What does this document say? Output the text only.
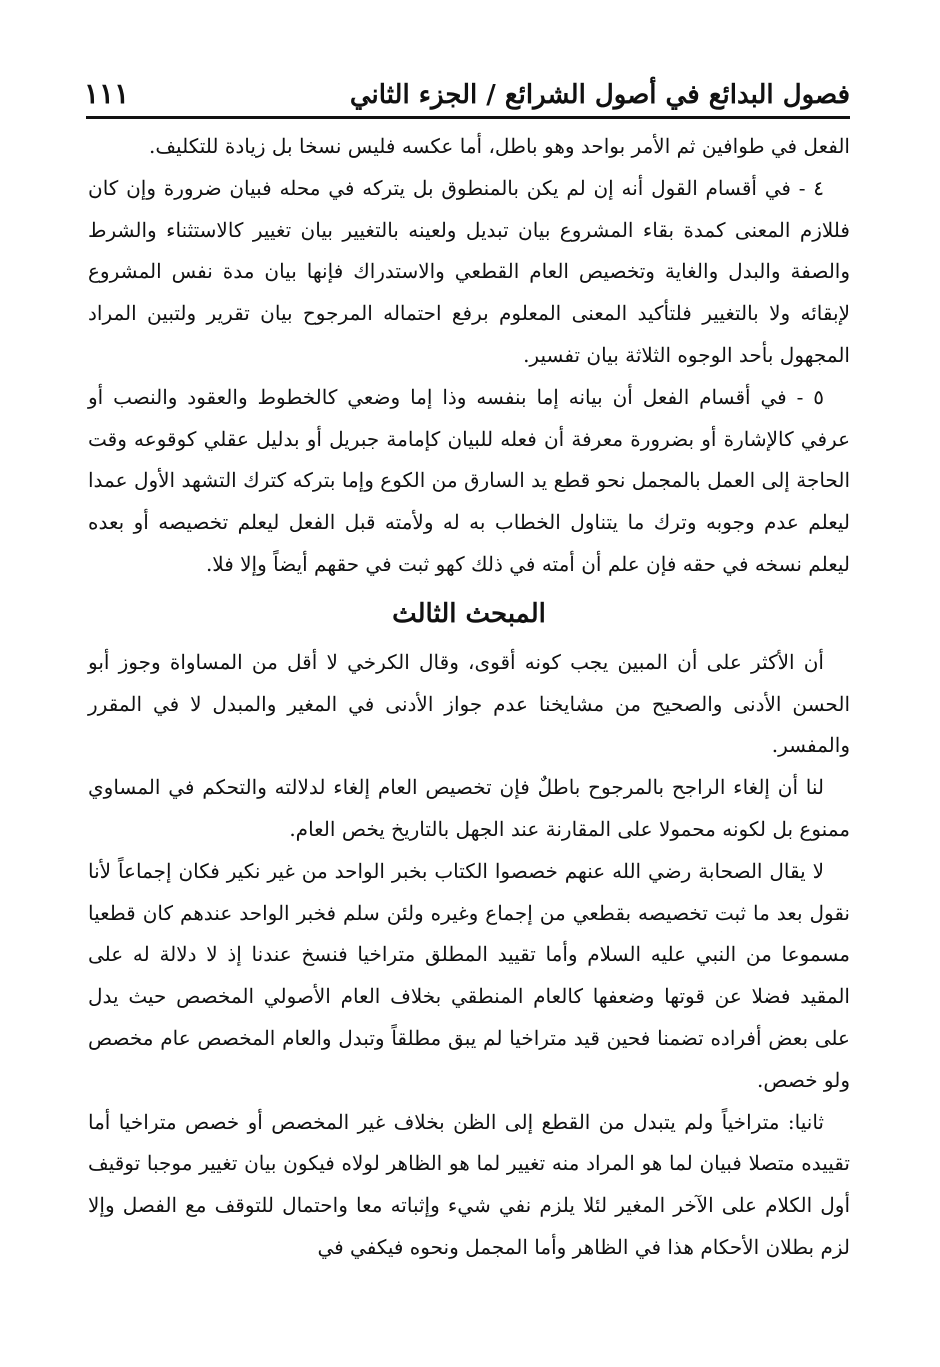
فصول البدائع في أصول الشرائع / الجزء الثاني
١١١

الفعل في طوافين ثم الأمر بواحد وهو باطل، أما عكسه فليس نسخا بل زيادة للتكليف.

٤ - في أقسام القول أنه إن لم يكن بالمنطوق بل يتركه في محله فبيان ضرورة وإن كان فللازم المعنى كمدة بقاء المشروع بيان تبديل ولعينه بالتغيير بيان تغيير كالاستثناء والشرط والصفة والبدل والغاية وتخصيص العام القطعي والاستدراك فإنها بيان مدة نفس المشروع لإبقائه ولا بالتغيير فلتأكيد المعنى المعلوم برفع احتماله المرجوح بيان تقرير ولتبين المراد المجهول بأحد الوجوه الثلاثة بيان تفسير.

٥ - في أقسام الفعل أن بيانه إما بنفسه وذا إما وضعي كالخطوط والعقود والنصب أو عرفي كالإشارة أو بضرورة معرفة أن فعله للبيان كإمامة جبريل أو بدليل عقلي كوقوعه وقت الحاجة إلى العمل بالمجمل نحو قطع يد السارق من الكوع وإما بتركه كترك التشهد الأول عمدا ليعلم عدم وجوبه وترك ما يتناول الخطاب به له ولأمته قبل الفعل ليعلم تخصيصه أو بعده ليعلم نسخه في حقه فإن علم أن أمته في ذلك كهو ثبت في حقهم أيضاً وإلا فلا.

المبحث الثالث

أن الأكثر على أن المبين يجب كونه أقوى، وقال الكرخي لا أقل من المساواة وجوز أبو الحسن الأدنى والصحيح من مشايخنا عدم جواز الأدنى في المغير والمبدل لا في المقرر والمفسر.

لنا أن إلغاء الراجح بالمرجوح باطلٌ فإن تخصيص العام إلغاء لدلالته والتحكم في المساوي ممنوع بل لكونه محمولا على المقارنة عند الجهل بالتاريخ يخص العام.

لا يقال الصحابة رضي الله عنهم خصصوا الكتاب بخبر الواحد من غير نكير فكان إجماعاً لأنا نقول بعد ما ثبت تخصيصه بقطعي من إجماع وغيره ولئن سلم فخبر الواحد عندهم كان قطعيا مسموعا من النبي عليه السلام وأما تقييد المطلق متراخيا فنسخ عندنا إذ لا دلالة له على المقيد فضلا عن قوتها وضعفها كالعام المنطقي بخلاف العام الأصولي المخصص حيث يدل على بعض أفراده تضمنا فحين قيد متراخيا لم يبق مطلقاً وتبدل والعام المخصص عام مخصص ولو خصص.

ثانيا: متراخياً ولم يتبدل من القطع إلى الظن بخلاف غير المخصص أو خصص متراخيا أما تقييده متصلا فبيان لما هو المراد منه تغيير لما هو الظاهر لولاه فيكون بيان تغيير موجبا توقيف أول الكلام على الآخر المغير لئلا يلزم نفي شيء وإثباته معا واحتمال للتوقف مع الفصل وإلا لزم بطلان الأحكام هذا في الظاهر وأما المجمل ونحوه فيكفي في
